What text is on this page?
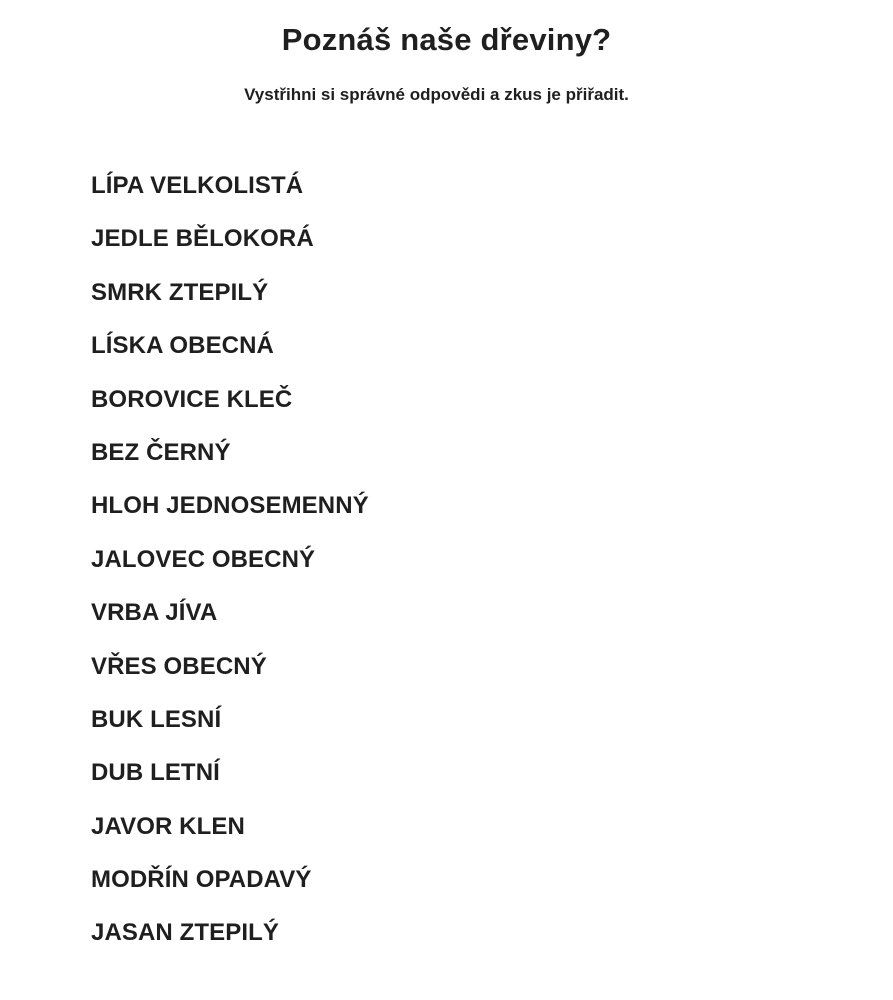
Poznáš naše dřeviny?

Vystřihni si správné odpovědi a zkus je přiřadit.

LÍPA VELKOLISTÁ
JEDLE BĚLOKORÁ
SMRK ZTEPILÝ
LÍSKA OBECNÁ
BOROVICE KLEČ
BEZ ČERNÝ
HLOH JEDNOSEMENNÝ
JALOVEC OBECNÝ
VRBA JÍVA
VŘES OBECNÝ
BUK LESNÍ
DUB LETNÍ
JAVOR KLEN
MODŘÍN OPADAVÝ
JASAN ZTEPILÝ
